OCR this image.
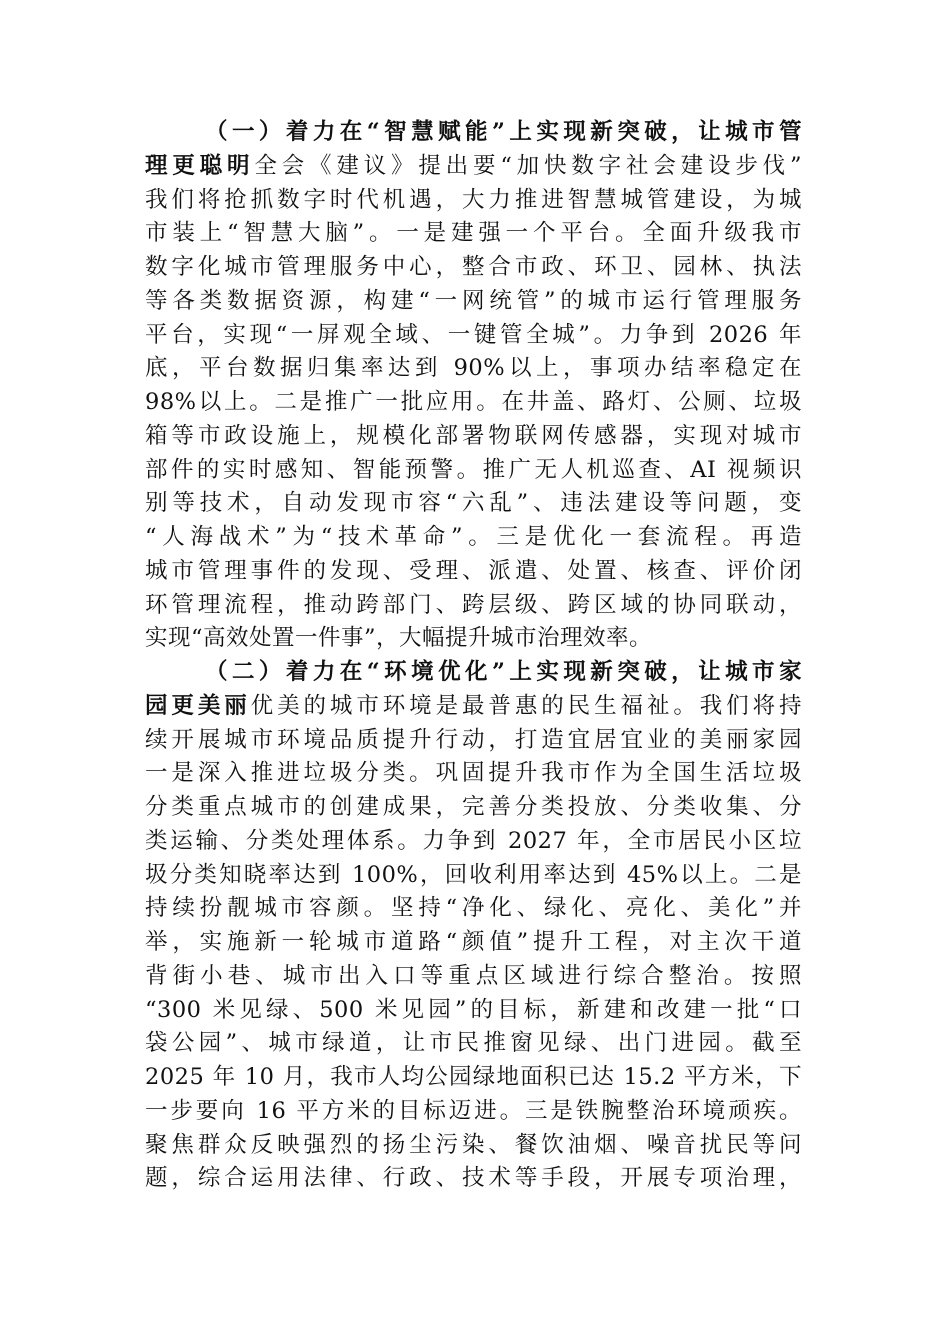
（一）着力在“智慧赋能”上实现新突破，让城市管
理更聪明全会《建议》提出要“加快数字社会建设步伐”
我们将抢抓数字时代机遇，大力推进智慧城管建设，为城
市装上“智慧大脑”。一是建强一个平台。全面升级我市
数字化城市管理服务中心，整合市政、环卫、园林、执法
等各类数据资源，构建“一网统管”的城市运行管理服务
平台，实现“一屏观全域、一键管全城”。力争到 2026 年
底，平台数据归集率达到 90%以上，事项办结率稳定在
98%以上。二是推广一批应用。在井盖、路灯、公厕、垃圾
箱等市政设施上，规模化部署物联网传感器，实现对城市
部件的实时感知、智能预警。推广无人机巡查、AI 视频识
别等技术，自动发现市容“六乱”、违法建设等问题，变
“人海战术”为“技术革命”。三是优化一套流程。再造
城市管理事件的发现、受理、派遣、处置、核查、评价闭
环管理流程，推动跨部门、跨层级、跨区域的协同联动，
实现“高效处置一件事”，大幅提升城市治理效率。
（二）着力在“环境优化”上实现新突破，让城市家
园更美丽优美的城市环境是最普惠的民生福祉。我们将持
续开展城市环境品质提升行动，打造宜居宜业的美丽家园
一是深入推进垃圾分类。巩固提升我市作为全国生活垃圾
分类重点城市的创建成果，完善分类投放、分类收集、分
类运输、分类处理体系。力争到 2027 年，全市居民小区垃
圾分类知晓率达到 100%，回收利用率达到 45%以上。二是
持续扮靓城市容颜。坚持“净化、绿化、亮化、美化”并
举，实施新一轮城市道路“颜值”提升工程，对主次干道
背街小巷、城市出入口等重点区域进行综合整治。按照
“300 米见绿、500 米见园”的目标，新建和改建一批“口
袋公园”、城市绿道，让市民推窗见绿、出门进园。截至
2025 年 10 月，我市人均公园绿地面积已达 15.2 平方米，下
一步要向 16 平方米的目标迈进。三是铁腕整治环境顽疾。
聚焦群众反映强烈的扬尘污染、餐饮油烟、噪音扰民等问
题，综合运用法律、行政、技术等手段，开展专项治理，
